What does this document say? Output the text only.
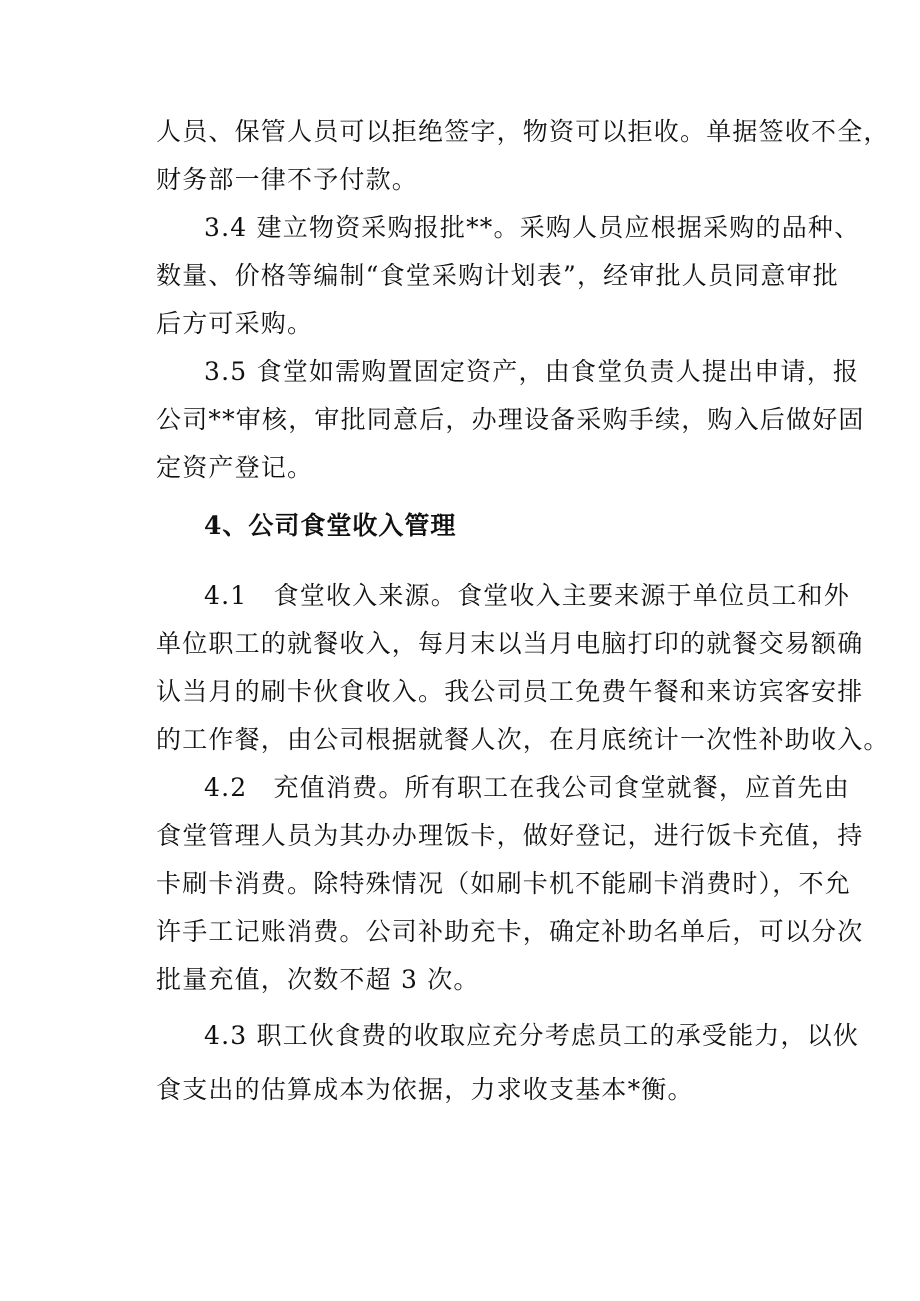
人员、保管人员可以拒绝签字，物资可以拒收。单据签收不全，
财务部一律不予付款。
3.4 建立物资采购报批**。采购人员应根据采购的品种、
数量、价格等编制“食堂采购计划表”，经审批人员同意审批
后方可采购。
3.5 食堂如需购置固定资产，由食堂负责人提出申请，报
公司**审核，审批同意后，办理设备采购手续，购入后做好固
定资产登记。
4、公司食堂收入管理
4.1　食堂收入来源。食堂收入主要来源于单位员工和外
单位职工的就餐收入，每月末以当月电脑打印的就餐交易额确
认当月的刷卡伙食收入。我公司员工免费午餐和来访宾客安排
的工作餐，由公司根据就餐人次，在月底统计一次性补助收入。
4.2　充值消费。所有职工在我公司食堂就餐，应首先由
食堂管理人员为其办办理饭卡，做好登记，进行饭卡充值，持
卡刷卡消费。除特殊情况（如刷卡机不能刷卡消费时），不允
许手工记账消费。公司补助充卡，确定补助名单后，可以分次
批量充值，次数不超 3 次。
4.3 职工伙食费的收取应充分考虑员工的承受能力，以伙
食支出的估算成本为依据，力求收支基本*衡。
